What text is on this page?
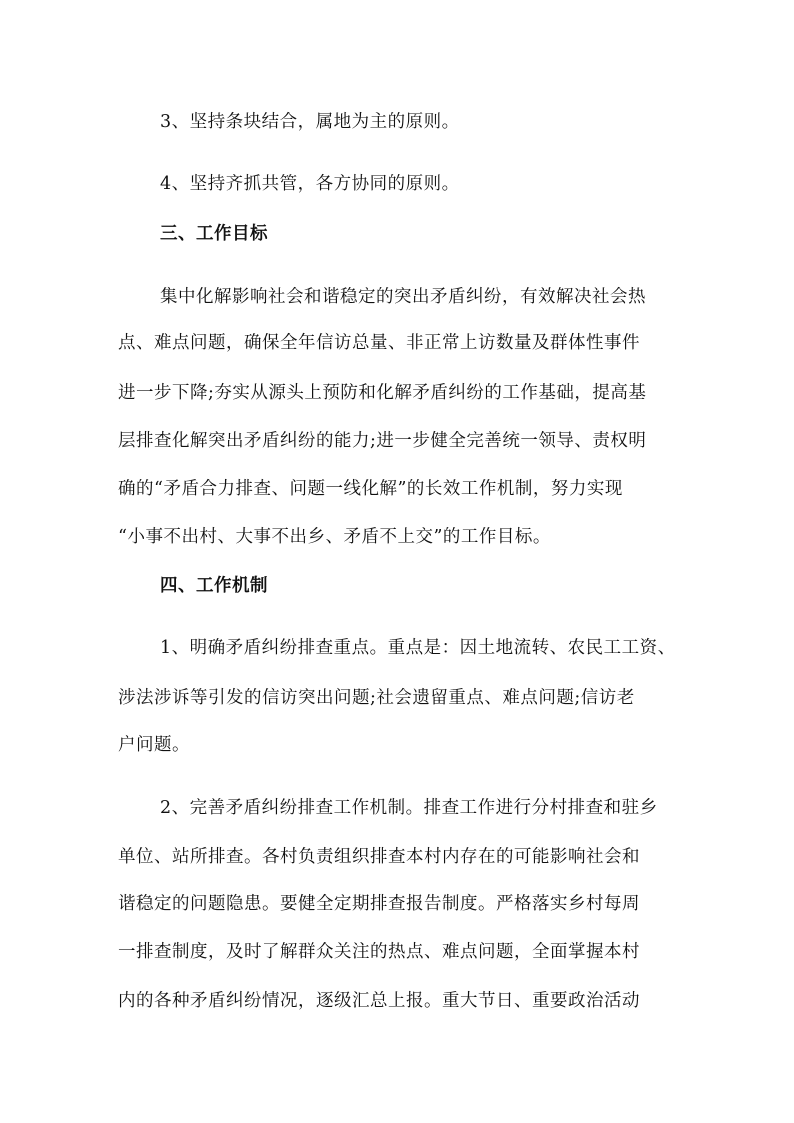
3、坚持条块结合，属地为主的原则。
4、坚持齐抓共管，各方协同的原则。
三、工作目标
集中化解影响社会和谐稳定的突出矛盾纠纷，有效解决社会热
点、难点问题，确保全年信访总量、非正常上访数量及群体性事件
进一步下降;夯实从源头上预防和化解矛盾纠纷的工作基础，提高基
层排查化解突出矛盾纠纷的能力;进一步健全完善统一领导、责权明
确的“矛盾合力排查、问题一线化解”的长效工作机制，努力实现
“小事不出村、大事不出乡、矛盾不上交”的工作目标。
四、工作机制
1、明确矛盾纠纷排查重点。重点是：因土地流转、农民工工资、
涉法涉诉等引发的信访突出问题;社会遗留重点、难点问题;信访老
户问题。
2、完善矛盾纠纷排查工作机制。排查工作进行分村排查和驻乡
单位、站所排查。各村负责组织排查本村内存在的可能影响社会和
谐稳定的问题隐患。要健全定期排查报告制度。严格落实乡村每周
一排查制度，及时了解群众关注的热点、难点问题，全面掌握本村
内的各种矛盾纠纷情况，逐级汇总上报。重大节日、重要政治活动
